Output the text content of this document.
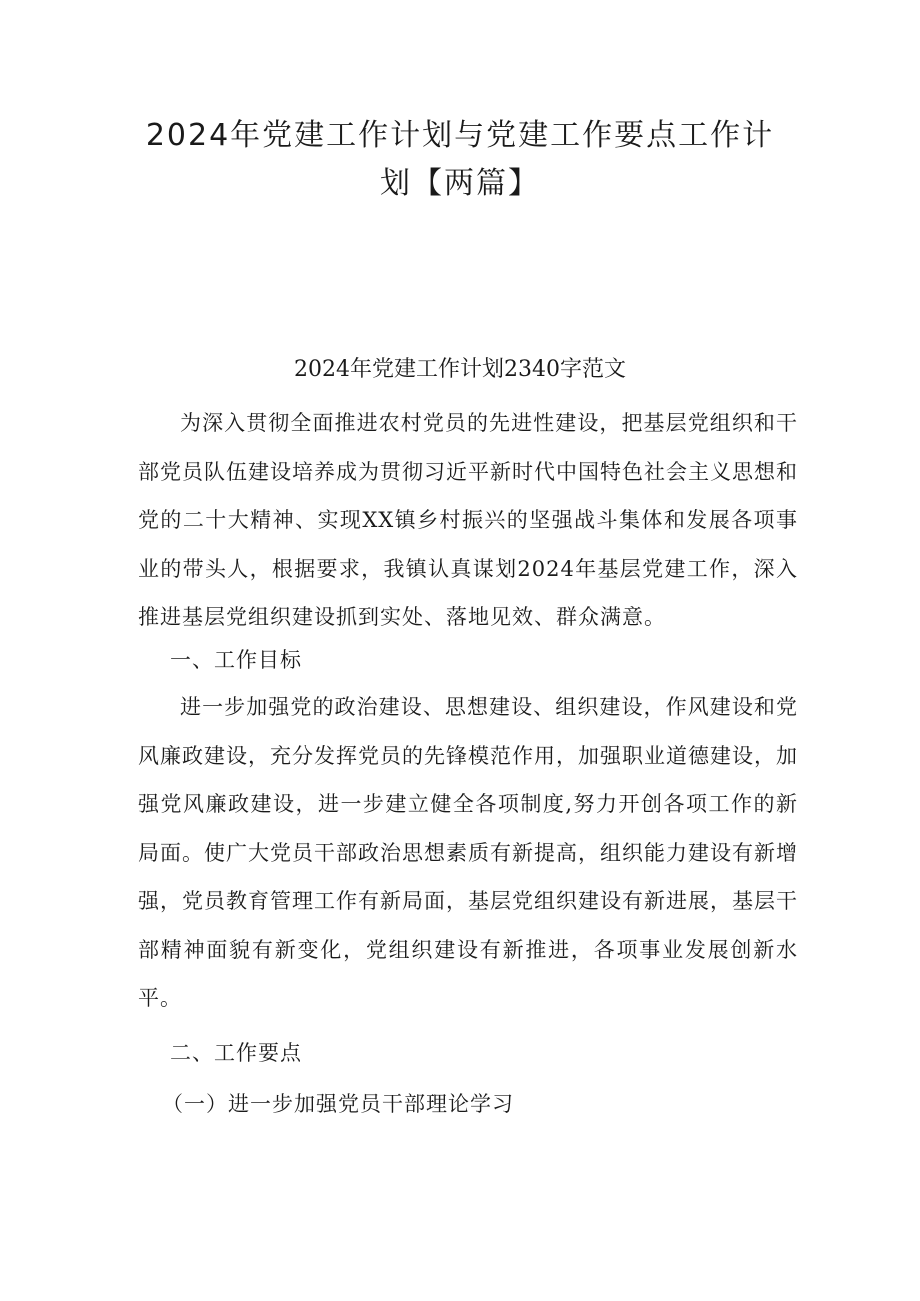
2024年党建工作计划与党建工作要点工作计划【两篇】
2024年党建工作计划2340字范文

为深入贯彻全面推进农村党员的先进性建设，把基层党组织和干部党员队伍建设培养成为贯彻习近平新时代中国特色社会主义思想和党的二十大精神、实现XX镇乡村振兴的坚强战斗集体和发展各项事业的带头人，根据要求，我镇认真谋划2024年基层党建工作，深入推进基层党组织建设抓到实处、落地见效、群众满意。

一、工作目标

进一步加强党的政治建设、思想建设、组织建设，作风建设和党风廉政建设，充分发挥党员的先锋模范作用，加强职业道德建设，加强党风廉政建设，进一步建立健全各项制度,努力开创各项工作的新局面。使广大党员干部政治思想素质有新提高，组织能力建设有新增强，党员教育管理工作有新局面，基层党组织建设有新进展，基层干部精神面貌有新变化，党组织建设有新推进，各项事业发展创新水平。

二、工作要点

（一）进一步加强党员干部理论学习
